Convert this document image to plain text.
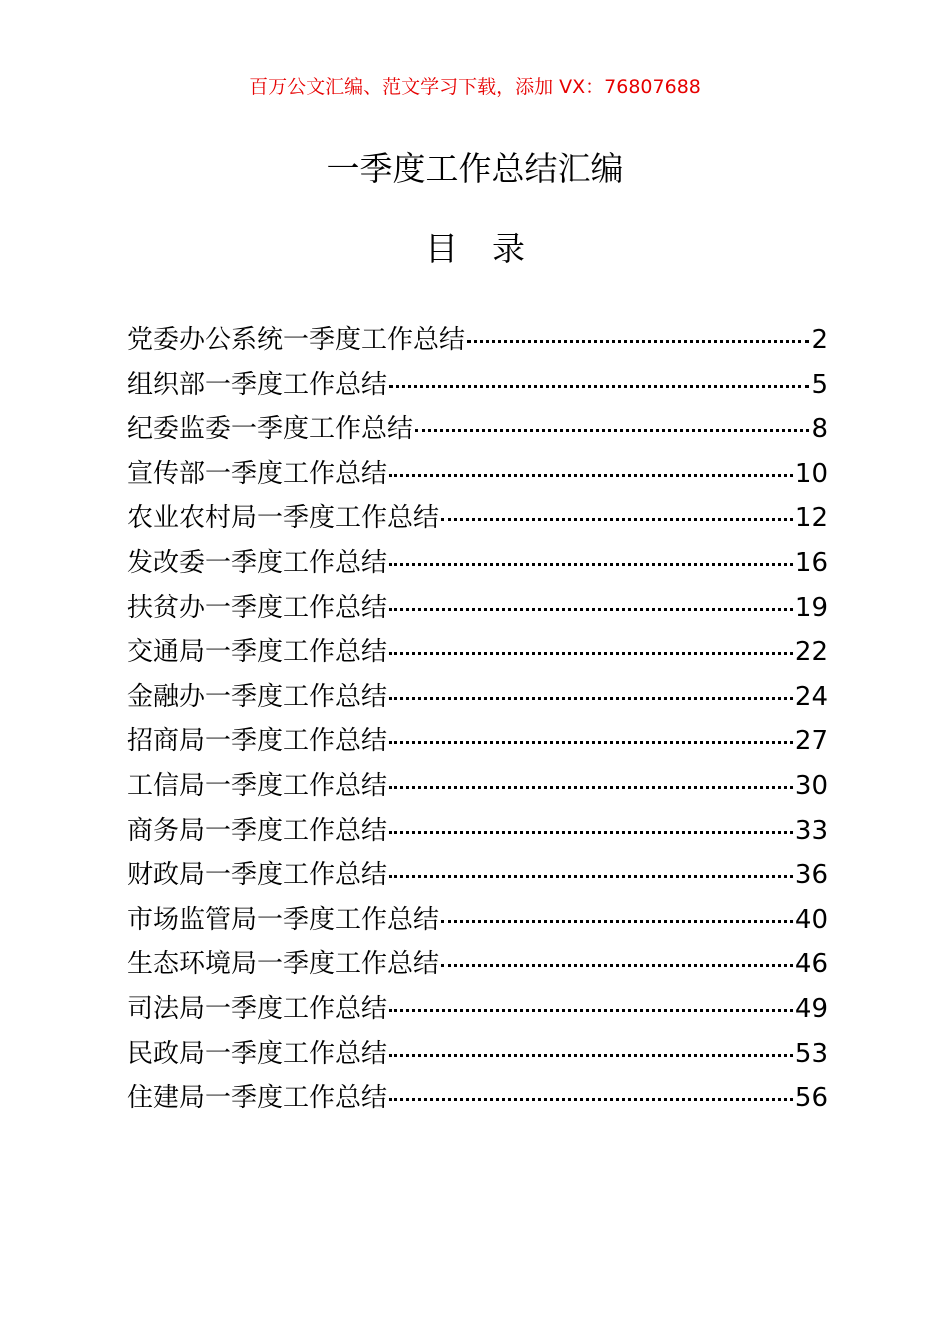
百万公文汇编、范文学习下载，添加 VX：76807688
一季度工作总结汇编
目录
党委办公系统一季度工作总结	2
组织部一季度工作总结	5
纪委监委一季度工作总结	8
宣传部一季度工作总结	10
农业农村局一季度工作总结	12
发改委一季度工作总结	16
扶贫办一季度工作总结	19
交通局一季度工作总结	22
金融办一季度工作总结	24
招商局一季度工作总结	27
工信局一季度工作总结	30
商务局一季度工作总结	33
财政局一季度工作总结	36
市场监管局一季度工作总结	40
生态环境局一季度工作总结	46
司法局一季度工作总结	49
民政局一季度工作总结	53
住建局一季度工作总结	56
